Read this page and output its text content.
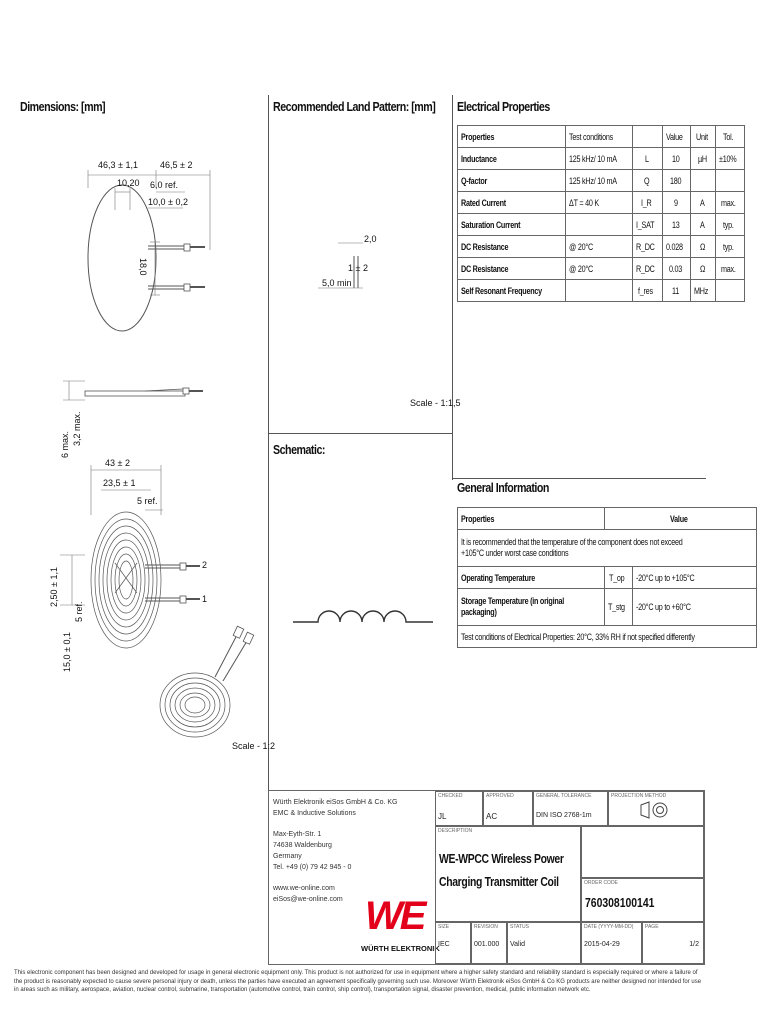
Dimensions: [mm]	Recommended Land Pattern: [mm] Electrical Properties
Schematic:
General Information
46,3 ± 1,1 46,5 ± 2
10,20 6,0 ref.
10,0 ± 0,2
18,0
6 max. 3,2 max.
43 ± 2
23,5 ± 1
5 ref.
2,50 ± 1,1
15,0 ± 0,1
5 ref.
2
1
Scale - 1:2
2,0
1 ± 2
5,0 min
Scale - 1:1,5
Properties	Test conditions		Value	Unit	Tol.
Inductance	125 kHz/ 10 mA	L	10	µH	±10%
Q-factor	125 kHz/ 10 mA	Q	180		
Rated Current	ΔT = 40 K	I_R	9	A	max.
Saturation Current		I_SAT	13	A	typ.
DC Resistance	@ 20°C	R_DC	0.028	Ω	typ.
DC Resistance	@ 20°C	R_DC	0.03	Ω	max.
Self Resonant Frequency		f_res	11	MHz	
Properties	Value	
It is recommended that the temperature of the component does not exceed +105°C under worst case conditions		
Operating Temperature	T_op	-20°C up to +105°C
Storage Temperature (in original packaging)	T_stg	-20°C up to +60°C
Test conditions of Electrical Properties: 20°C, 33% RH if not specified differently		
Würth Elektronik eiSos GmbH & Co. KG
EMC & Inductive Solutions
Max-Eyth-Str. 1
74638 Waldenburg
Germany
Tel. +49 (0) 79 42 945 - 0
www.we-online.com
eiSos@we-online.com WE
WÜRTH ELEKTRONIK
CHECKED
JL
APPROVED
AC
GENERAL TOLERANCE
DIN ISO 2768-1m
PROJECTION METHOD
DESCRIPTION
WE-WPCC Wireless Power
Charging Transmitter Coil	ORDER CODE
760308100141
SIZE
IEC
REVISION
001.000
STATUS
Valid
DATE (YYYY-MM-DD)
2015-04-29
PAGE
1/2
This electronic component has been designed and developed for usage in general electronic equipment only. This product is not authorized for use in equipment where a higher safety standard and reliability standard is especially required or where a failure of the product is reasonably expected to cause severe personal injury or death, unless the parties have executed an agreement specifically governing such use. Moreover Würth Elektronik eiSos GmbH & Co KG products are neither designed nor intended for use in areas such as military, aerospace, aviation, nuclear control, submarine, transportation (automotive control, train control, ship control), transportation signal, disaster prevention, medical, public information network etc.
